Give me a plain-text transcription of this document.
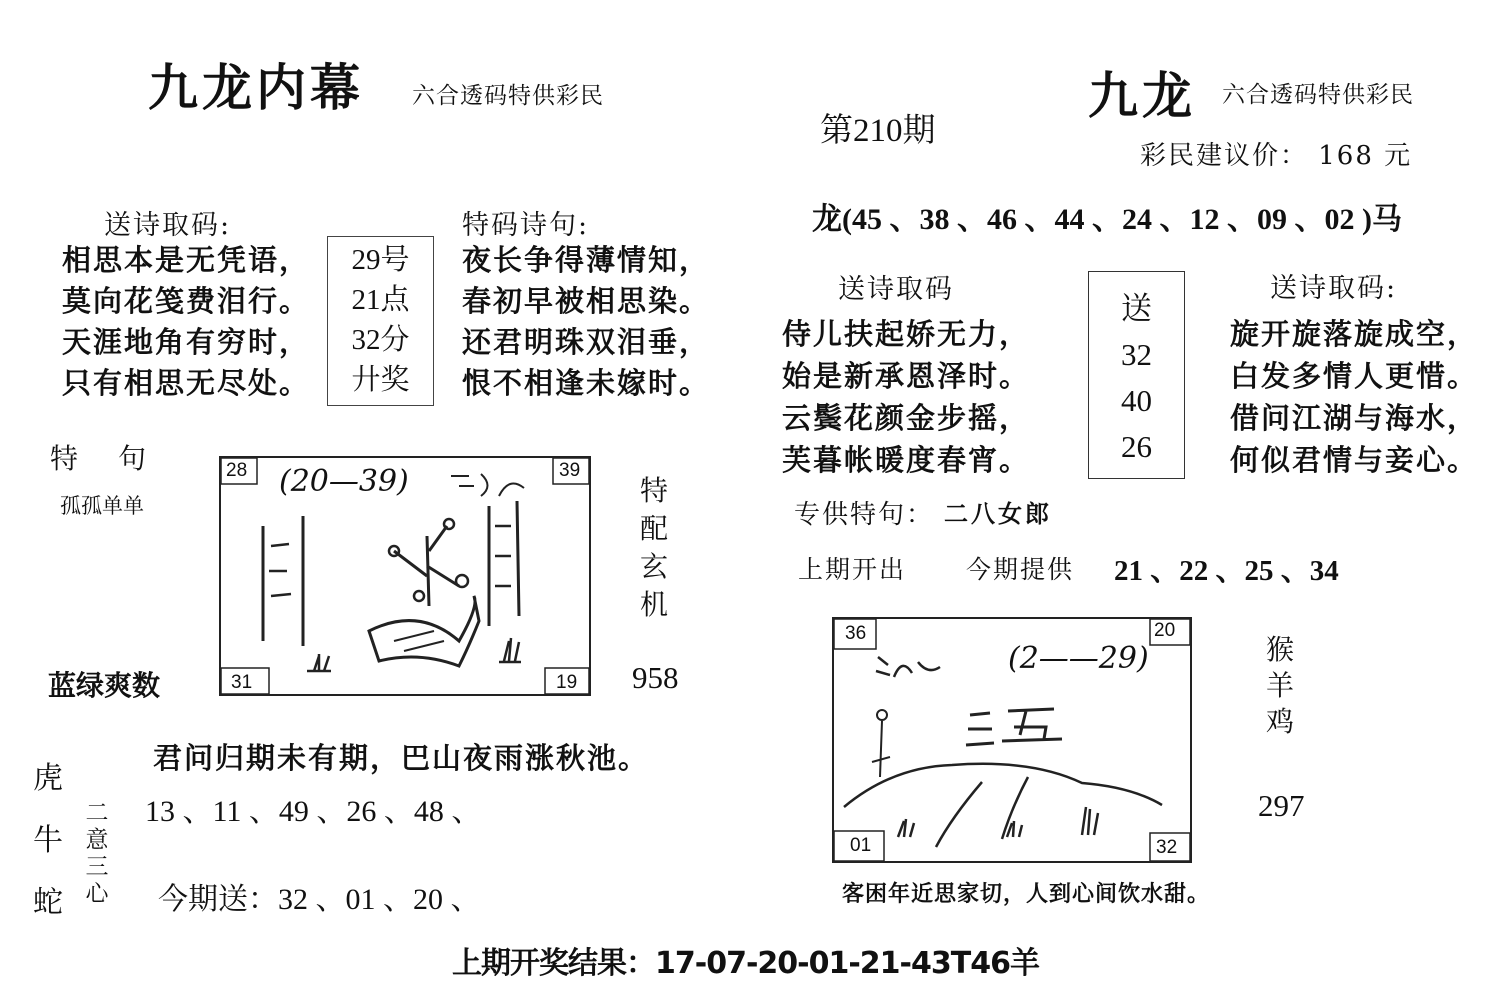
九龙内幕 六合透码特供彩民
送诗取码:
相思本是无凭语，
莫向花笺费泪行。
天涯地角有穷时，
只有相思无尽处。
29号
21点
32分
廾奖
特码诗句:
夜长争得薄情知，
春初早被相思染。
还君明珠双泪垂，
恨不相逢未嫁时。
特　句
孤孤单单
28	39
31	19
(20—39)	特
配
玄
机
蓝绿爽数	958
虎
牛
蛇
君问归期未有期，巴山夜雨涨秋池。
13 、11 、49 、26 、48 、
二
意
三
心 今期送：32 、01 、20 、
第210期
九龙 六合透码特供彩民
彩民建议价： 168 元
龙(45 、38 、46 、44 、24 、12 、09 、02 )马
送诗取码
侍儿扶起娇无力，
始是新承恩泽时。
云鬓花颜金步摇，
芙暮帐暖度春宵。
送
32
40
26
送诗取码:
旋开旋落旋成空，
白发多情人更惜。
借问江湖与海水，
何似君情与妾心。
专供特句： 二八女郎
上期开出 今期提供 21 、22 、25 、34
36	20
01	32
(2——29)	猴
羊
鸡
297
客困年近思家切，人到心间饮水甜。
上期开奖结果：17-07-20-01-21-43T46羊
